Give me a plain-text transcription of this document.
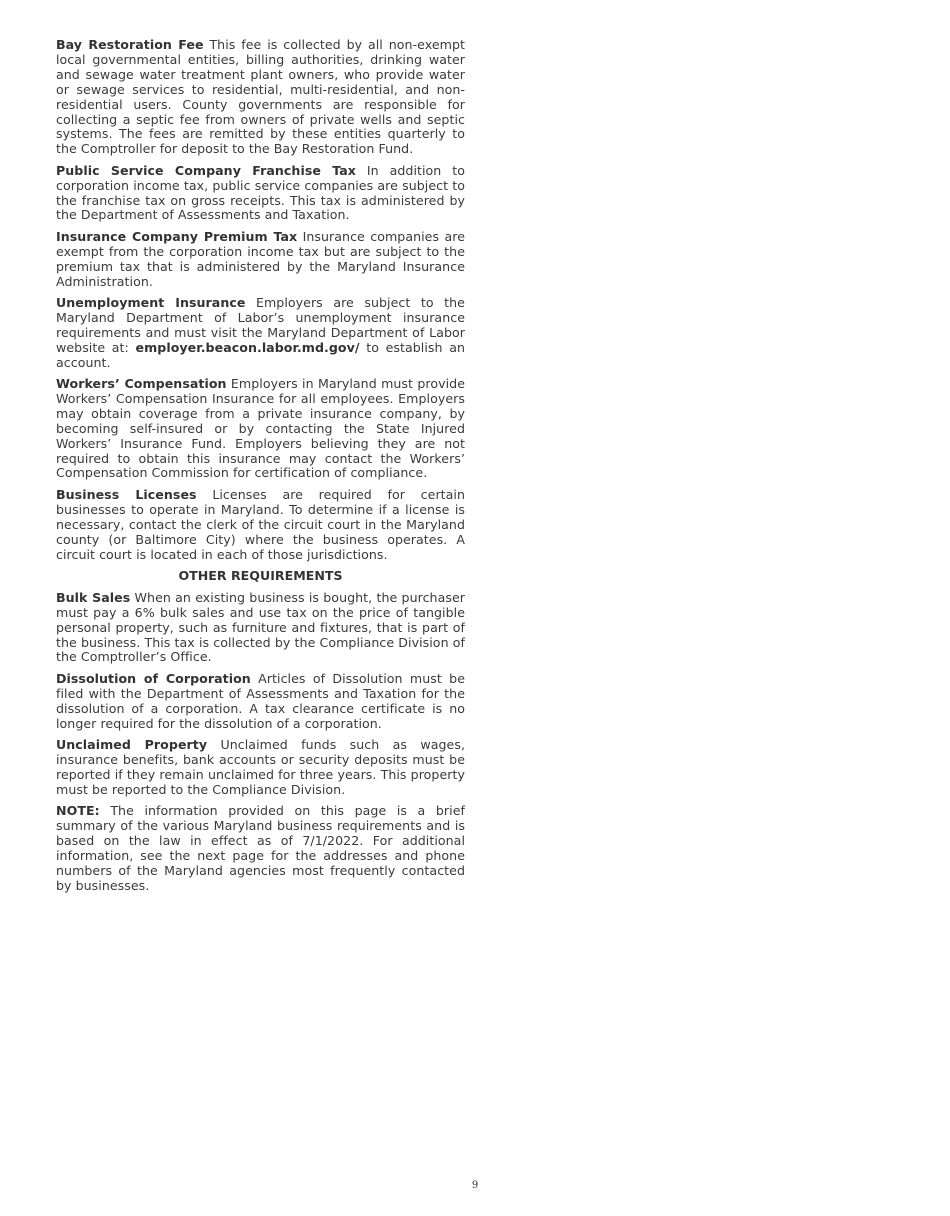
Bay Restoration Fee This fee is collected by all non-exempt local governmental entities, billing authorities, drinking water and sewage water treatment plant owners, who provide water or sewage services to residential, multi-residential, and non-residential users. County governments are responsible for collecting a septic fee from owners of private wells and septic systems. The fees are remitted by these entities quarterly to the Comptroller for deposit to the Bay Restoration Fund.

Public Service Company Franchise Tax In addition to corporation income tax, public service companies are subject to the franchise tax on gross receipts. This tax is administered by the Department of Assessments and Taxation.

Insurance Company Premium Tax Insurance companies are exempt from the corporation income tax but are subject to the premium tax that is administered by the Maryland Insurance Administration.

Unemployment Insurance Employers are subject to the Maryland Department of Labor’s unemployment insurance requirements and must visit the Maryland Department of Labor website at: employer.beacon.labor.md.gov/ to establish an account.

Workers’ Compensation Employers in Maryland must provide Workers’ Compensation Insurance for all employees. Employers may obtain coverage from a private insurance company, by becoming self-insured or by contacting the State Injured Workers’ Insurance Fund. Employers believing they are not required to obtain this insurance may contact the Workers’ Compensation Commission for certification of compliance.

Business Licenses Licenses are required for certain businesses to operate in Maryland. To determine if a license is necessary, contact the clerk of the circuit court in the Maryland county (or Baltimore City) where the business operates. A circuit court is located in each of those jurisdictions.

OTHER REQUIREMENTS

Bulk Sales When an existing business is bought, the purchaser must pay a 6% bulk sales and use tax on the price of tangible personal property, such as furniture and fixtures, that is part of the business. This tax is collected by the Compliance Division of the Comptroller’s Office.

Dissolution of Corporation Articles of Dissolution must be filed with the Department of Assessments and Taxation for the dissolution of a corporation. A tax clearance certificate is no longer required for the dissolution of a corporation.

Unclaimed Property Unclaimed funds such as wages, insurance benefits, bank accounts or security deposits must be reported if they remain unclaimed for three years. This property must be reported to the Compliance Division.

NOTE: The information provided on this page is a brief summary of the various Maryland business requirements and is based on the law in effect as of 7/1/2022. For additional information, see the next page for the addresses and phone numbers of the Maryland agencies most frequently contacted by businesses.

9
